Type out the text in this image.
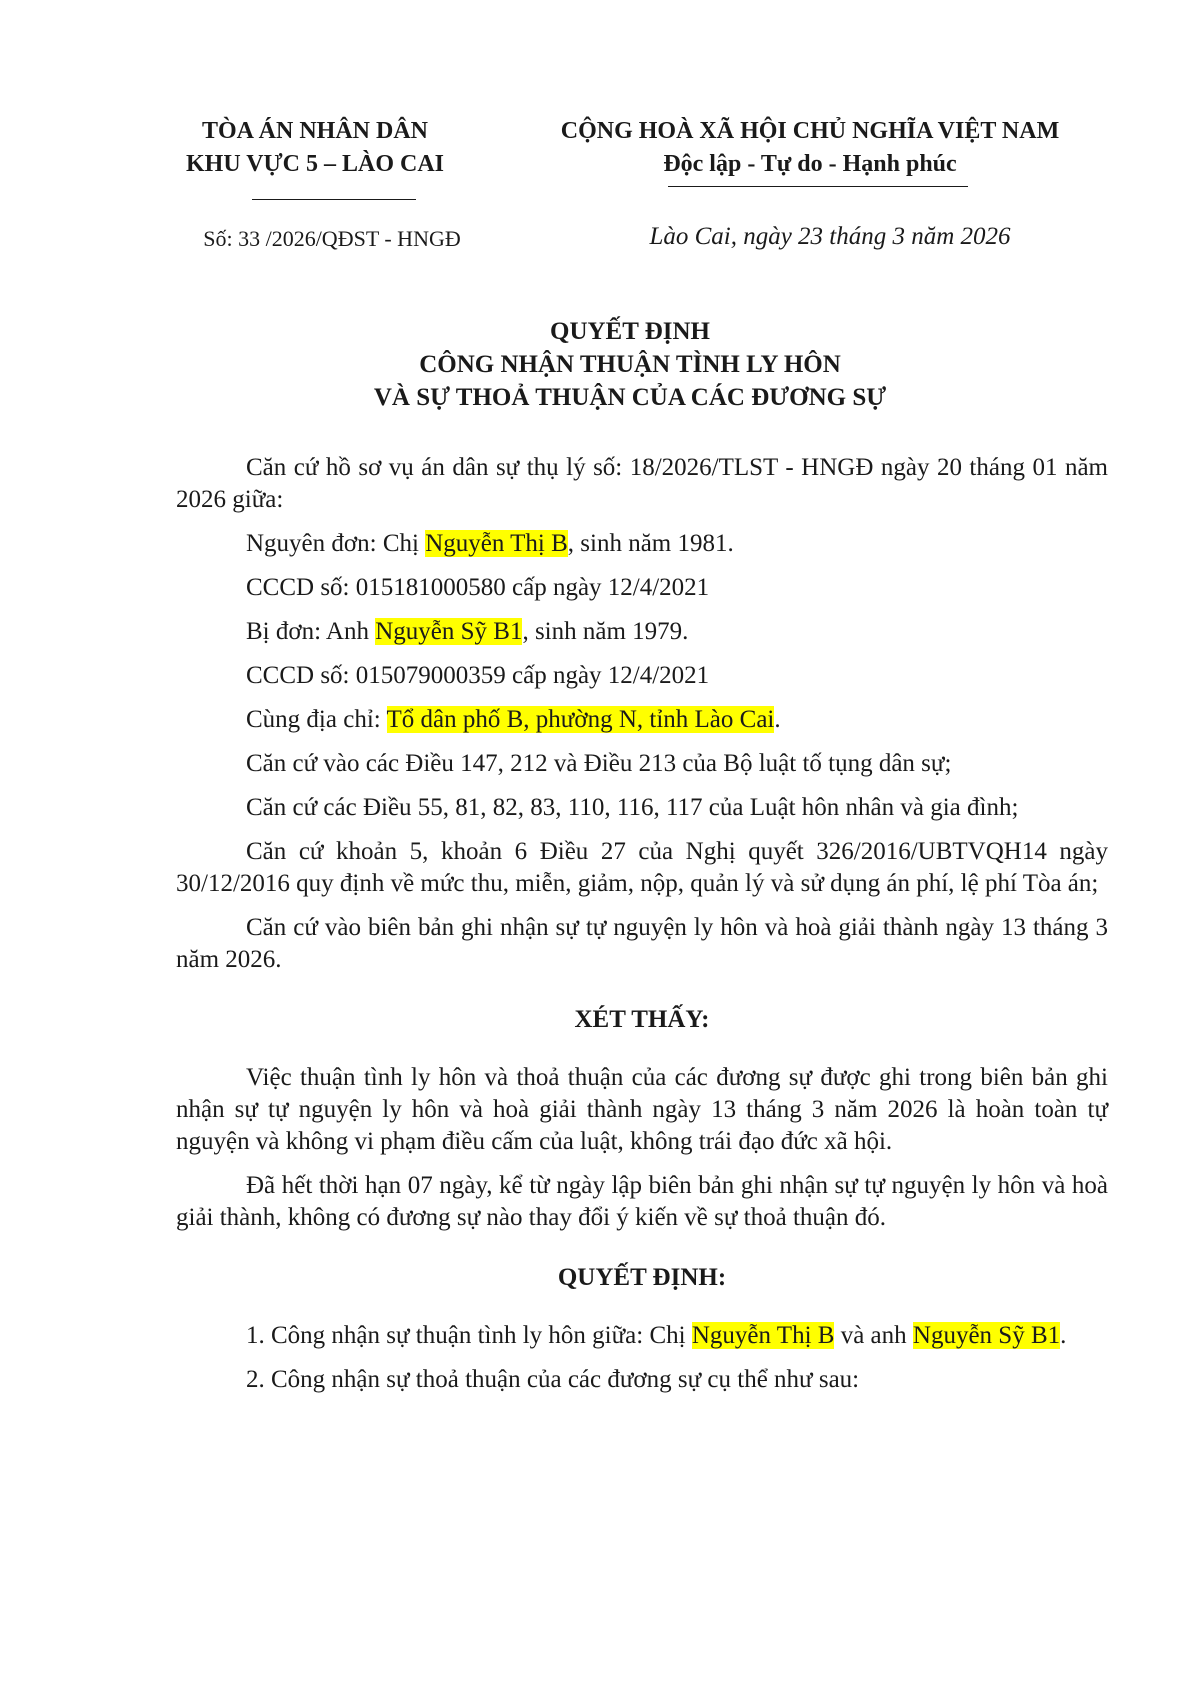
TÒA ÁN NHÂN DÂN
KHU VỰC 5 – LÀO CAI
CỘNG HOÀ XÃ HỘI CHỦ NGHĨA VIỆT NAM
Độc lập - Tự do - Hạnh phúc
Số: 33 /2026/QĐST - HNGĐ	Lào Cai, ngày 23 tháng 3 năm 2026
QUYẾT ĐỊNH
CÔNG NHẬN THUẬN TÌNH LY HÔN
VÀ SỰ THOẢ THUẬN CỦA CÁC ĐƯƠNG SỰ

Căn cứ hồ sơ vụ án dân sự thụ lý số: 18/2026/TLST - HNGĐ ngày 20 tháng 01 năm 2026 giữa:

Nguyên đơn: Chị Nguyễn Thị B, sinh năm 1981.

CCCD số: 015181000580 cấp ngày 12/4/2021

Bị đơn: Anh Nguyễn Sỹ B1, sinh năm 1979.

CCCD số: 015079000359 cấp ngày 12/4/2021

Cùng địa chỉ: Tổ dân phố B, phường N, tỉnh Lào Cai.

Căn cứ vào các Điều 147, 212 và Điều 213 của Bộ luật tố tụng dân sự;

Căn cứ các Điều 55, 81, 82, 83, 110, 116, 117 của Luật hôn nhân và gia đình;

Căn cứ khoản 5, khoản 6 Điều 27 của Nghị quyết 326/2016/UBTVQH14 ngày 30/12/2016 quy định về mức thu, miễn, giảm, nộp, quản lý và sử dụng án phí, lệ phí Tòa án;

Căn cứ vào biên bản ghi nhận sự tự nguyện ly hôn và hoà giải thành ngày 13 tháng 3 năm 2026.

XÉT THẤY:

Việc thuận tình ly hôn và thoả thuận của các đương sự được ghi trong biên bản ghi nhận sự tự nguyện ly hôn và hoà giải thành ngày 13 tháng 3 năm 2026 là hoàn toàn tự nguyện và không vi phạm điều cấm của luật, không trái đạo đức xã hội.

Đã hết thời hạn 07 ngày, kể từ ngày lập biên bản ghi nhận sự tự nguyện ly hôn và hoà giải thành, không có đương sự nào thay đổi ý kiến về sự thoả thuận đó.

QUYẾT ĐỊNH:

1. Công nhận sự thuận tình ly hôn giữa: Chị Nguyễn Thị B và anh Nguyễn Sỹ B1.

2. Công nhận sự thoả thuận của các đương sự cụ thể như sau:
